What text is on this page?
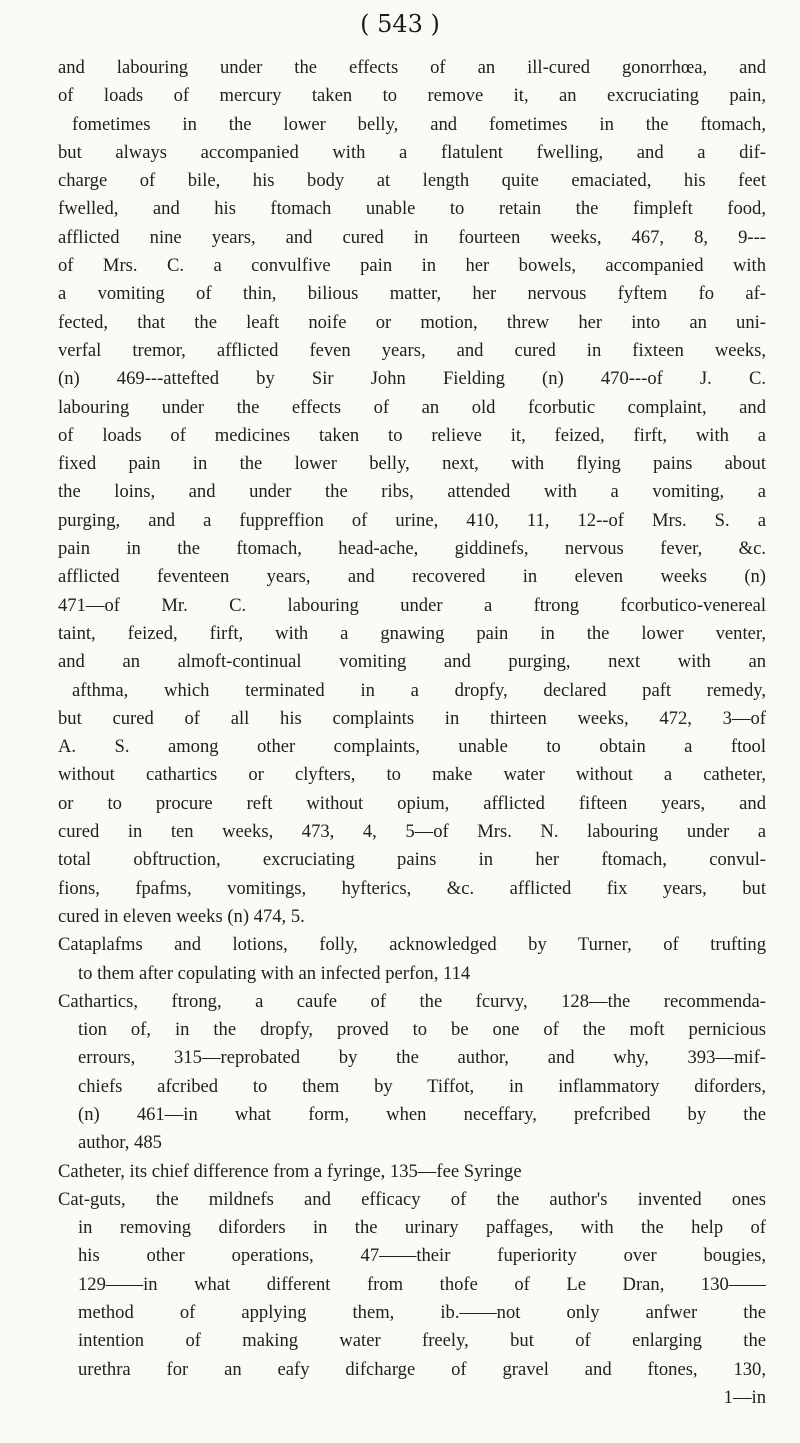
( 543 )
and labouring under the effects of an ill-cured gonorrhœa, and
of loads of mercury taken to remove it, an excruciating pain,
fometimes in the lower belly, and fometimes in the ftomach,
but always accompanied with a flatulent fwelling, and a dif-
charge of bile, his body at length quite emaciated, his feet
fwelled, and his ftomach unable to retain the fimpleft food,
afflicted nine years, and cured in fourteen weeks, 467, 8, 9---
of Mrs. C. a convulfive pain in her bowels, accompanied with
a vomiting of thin, bilious matter, her nervous fyftem fo af-
fected, that the leaft noife or motion, threw her into an uni-
verfal tremor, afflicted feven years, and cured in fixteen weeks,
(n) 469---attefted by Sir John Fielding (n) 470---of J. C.
labouring under the effects of an old fcorbutic complaint, and
of loads of medicines taken to relieve it, feized, firft, with a
fixed pain in the lower belly, next, with flying pains about
the loins, and under the ribs, attended with a vomiting, a
purging, and a fuppreffion of urine, 410, 11, 12--of Mrs. S. a
pain in the ftomach, head-ache, giddinefs, nervous fever, &c.
afflicted feventeen years, and recovered in eleven weeks (n)
471—of Mr. C. labouring under a ftrong fcorbutico-venereal
taint, feized, firft, with a gnawing pain in the lower venter,
and an almoft-continual vomiting and purging, next with an
afthma, which terminated in a dropfy, declared paft remedy,
but cured of all his complaints in thirteen weeks, 472, 3—of
A. S. among other complaints, unable to obtain a ftool
without cathartics or clyfters, to make water without a catheter,
or to procure reft without opium, afflicted fifteen years, and
cured in ten weeks, 473, 4, 5—of Mrs. N. labouring under a
total obftruction, excruciating pains in her ftomach, convul-
fions, fpafms, vomitings, hyfterics, &c. afflicted fix years, but
cured in eleven weeks (n) 474, 5.
Cataplafms and lotions, folly, acknowledged by Turner, of trufting
to them after copulating with an infected perfon, 114
Cathartics, ftrong, a caufe of the fcurvy, 128—the recommenda-
tion of, in the dropfy, proved to be one of the moft pernicious
errours, 315—reprobated by the author, and why, 393—mif-
chiefs afcribed to them by Tiffot, in inflammatory diforders,
(n) 461—in what form, when neceffary, prefcribed by the
author, 485
Catheter, its chief difference from a fyringe, 135—fee Syringe
Cat-guts, the mildnefs and efficacy of the author's invented ones
in removing diforders in the urinary paffages, with the help of
his other operations, 47——their fuperiority over bougies,
129——in what different from thofe of Le Dran, 130——
method of applying them, ib.——not only anfwer the
intention of making water freely, but of enlarging the
urethra for an eafy difcharge of gravel and ftones, 130,
1—in
